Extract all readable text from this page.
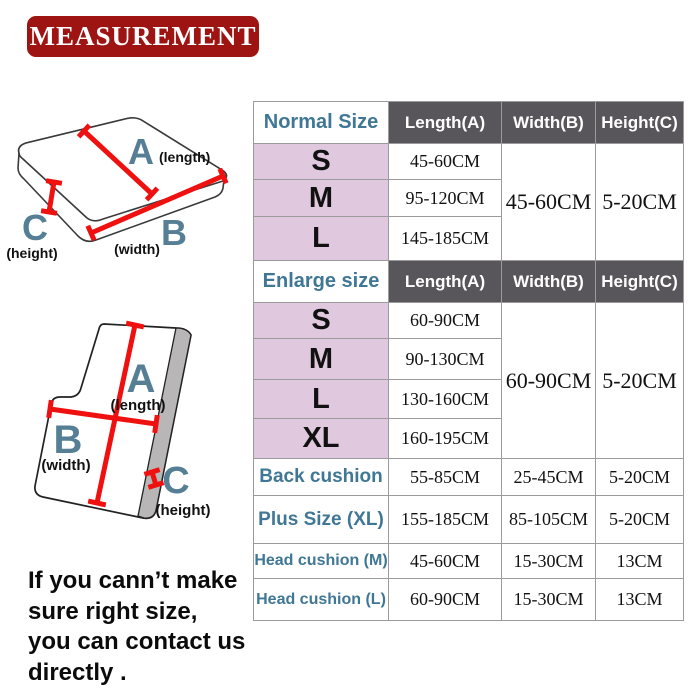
MEASUREMENT
A (length)
B
(width)
C
(height)
A
(length)
B
(width) C
(height)
Normal Size	Length(A)	Width(B)	Height(C)
S	45-60CM
45-60CM 5-20CM
M	95-120CM
L	145-185CM
Enlarge size	Length(A)	Width(B)	Height(C)
S	60-90CM
60-90CM 5-20CM
M	90-130CM
L	130-160CM
XL	160-195CM
Back cushion	55-85CM	25-45CM	5-20CM
Plus Size (XL) 155-185CM	85-105CM	5-20CM
Head cushion (M)	45-60CM	15-30CM	13CM
Head cushion (L)	60-90CM	15-30CM	13CM
If you cann’t make
sure right size,
you can contact us
directly .
